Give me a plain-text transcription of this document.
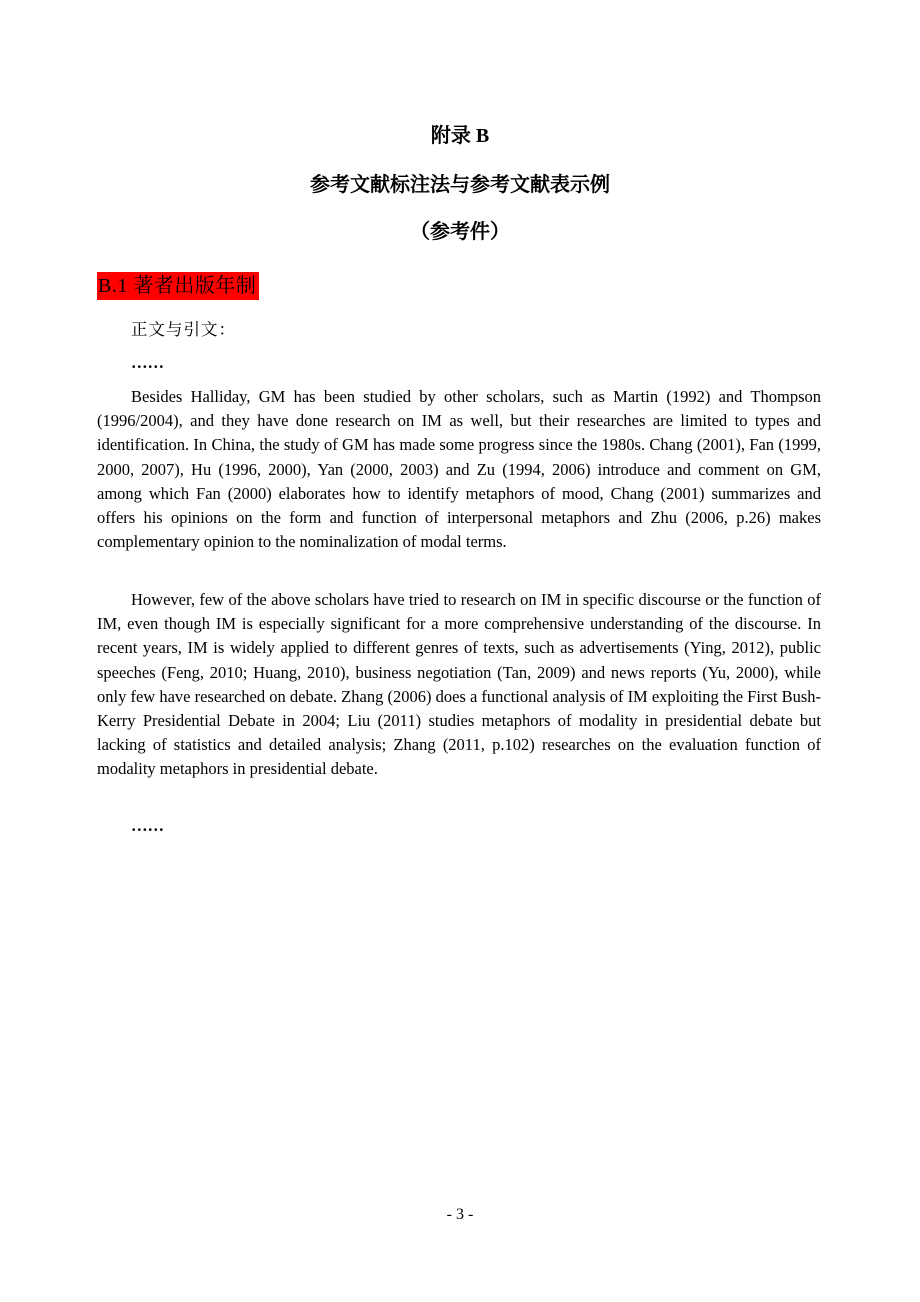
附录 B
参考文献标注法与参考文献表示例
（参考件）
B.1 著者出版年制

正文与引文：

……

Besides Halliday, GM has been studied by other scholars, such as Martin (1992) and Thompson (1996/2004), and they have done research on IM as well, but their researches are limited to types and identification. In China, the study of GM has made some progress since the 1980s. Chang (2001), Fan (1999, 2000, 2007), Hu (1996, 2000), Yan (2000, 2003) and Zu (1994, 2006) introduce and comment on GM, among which Fan (2000) elaborates how to identify metaphors of mood, Chang (2001) summarizes and offers his opinions on the form and function of interpersonal metaphors and Zhu (2006, p.26) makes complementary opinion to the nominalization of modal terms.

However, few of the above scholars have tried to research on IM in specific discourse or the function of IM, even though IM is especially significant for a more comprehensive understanding of the discourse. In recent years, IM is widely applied to different genres of texts, such as advertisements (Ying, 2012), public speeches (Feng, 2010; Huang, 2010), business negotiation (Tan, 2009) and news reports (Yu, 2000), while only few have researched on debate. Zhang (2006) does a functional analysis of IM exploiting the First Bush-Kerry Presidential Debate in 2004; Liu (2011) studies metaphors of modality in presidential debate but lacking of statistics and detailed analysis; Zhang (2011, p.102) researches on the evaluation function of modality metaphors in presidential debate.

……

- 3 -
